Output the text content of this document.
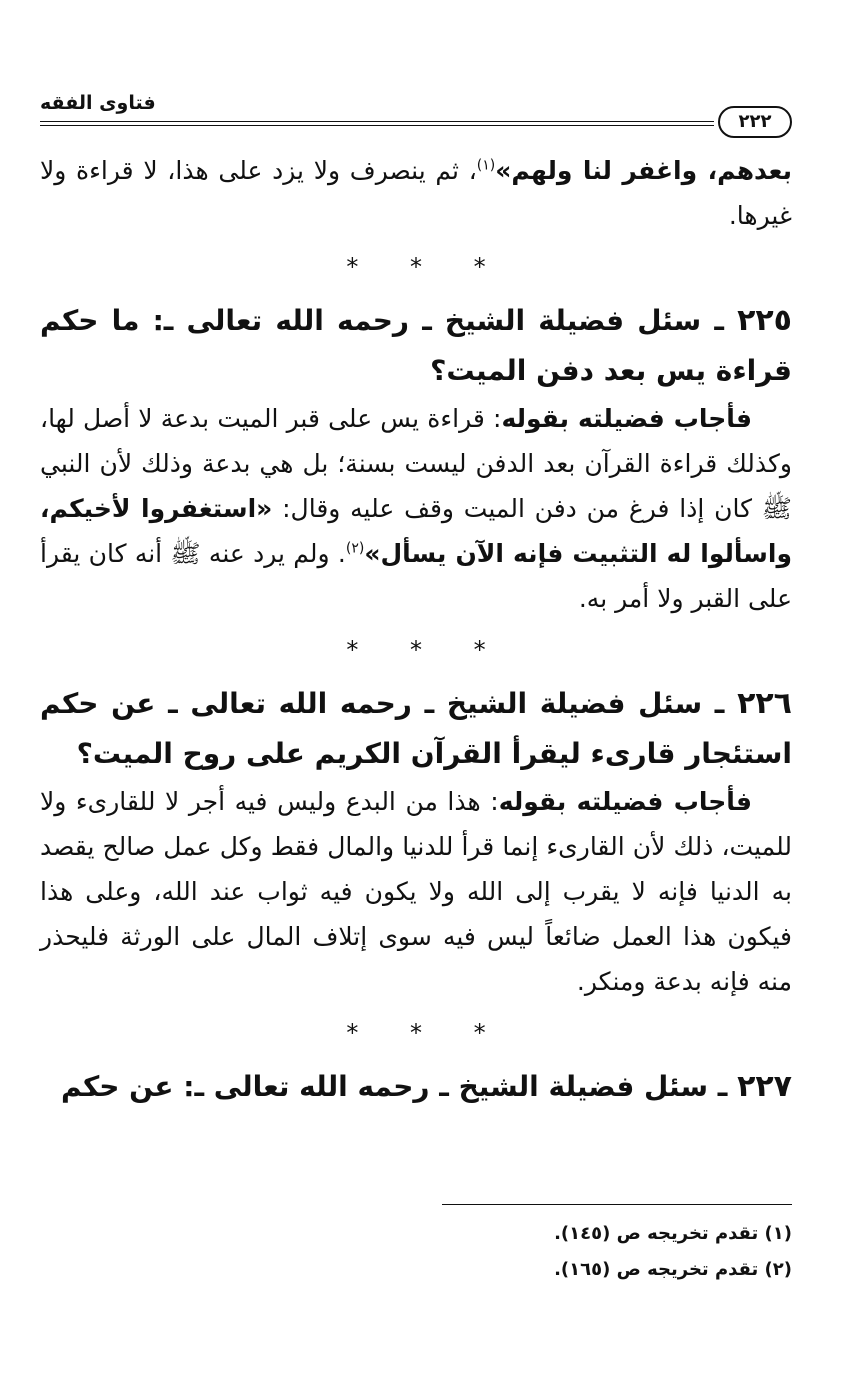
فتاوى الفقه
٢٢٢

بعدهم، واغفر لنا ولهم»$^{(١)}$، ثم ينصرف ولا يزد على هذا، لا قراءة ولا غيرها.

* * *

٢٢٥ ـ سئل فضيلة الشيخ ـ رحمه الله تعالى ـ: ما حكم قراءة يس بعد دفن الميت؟

فأجاب فضيلته بقوله: قراءة يس على قبر الميت بدعة لا أصل لها، وكذلك قراءة القرآن بعد الدفن ليست بسنة؛ بل هي بدعة وذلك لأن النبي ﷺ كان إذا فرغ من دفن الميت وقف عليه وقال: «استغفروا لأخيكم، واسألوا له التثبيت فإنه الآن يسأل»$^{(٢)}$. ولم يرد عنه ﷺ أنه كان يقرأ على القبر ولا أمر به.

* * *

٢٢٦ ـ سئل فضيلة الشيخ ـ رحمه الله تعالى ـ عن حكم استئجار قارىء ليقرأ القرآن الكريم على روح الميت؟

فأجاب فضيلته بقوله: هذا من البدع وليس فيه أجر لا للقارىء ولا للميت، ذلك لأن القارىء إنما قرأ للدنيا والمال فقط وكل عمل صالح يقصد به الدنيا فإنه لا يقرب إلى الله ولا يكون فيه ثواب عند الله، وعلى هذا فيكون هذا العمل ضائعاً ليس فيه سوى إتلاف المال على الورثة فليحذر منه فإنه بدعة ومنكر.

* * *

٢٢٧ ـ سئل فضيلة الشيخ ـ رحمه الله تعالى ـ: عن حكم

(١) تقدم تخريجه ص (١٤٥).
(٢) تقدم تخريجه ص (١٦٥).
